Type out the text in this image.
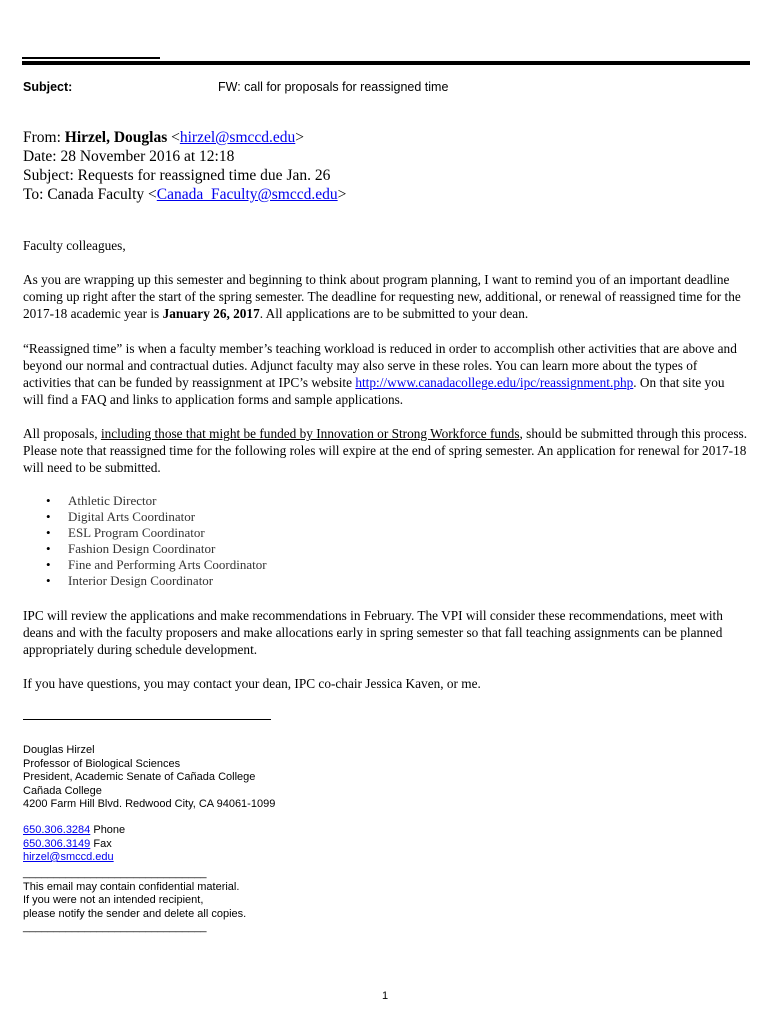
Subject:	FW: call for proposals for reassigned time
From: Hirzel, Douglas <hirzel@smccd.edu>
Date: 28 November 2016 at 12:18
Subject: Requests for reassigned time due Jan. 26
To: Canada Faculty <Canada_Faculty@smccd.edu>
Faculty colleagues,
As you are wrapping up this semester and beginning to think about program planning, I want to remind you of an important deadline coming up right after the start of the spring semester. The deadline for requesting new, additional, or renewal of reassigned time for the 2017-18 academic year is January 26, 2017. All applications are to be submitted to your dean.
“Reassigned time” is when a faculty member’s teaching workload is reduced in order to accomplish other activities that are above and beyond our normal and contractual duties. Adjunct faculty may also serve in these roles. You can learn more about the types of activities that can be funded by reassignment at IPC’s website http://www.canadacollege.edu/ipc/reassignment.php. On that site you will find a FAQ and links to application forms and sample applications.
All proposals, including those that might be funded by Innovation or Strong Workforce funds, should be submitted through this process. Please note that reassigned time for the following roles will expire at the end of spring semester. An application for renewal for 2017-18 will need to be submitted.
• Athletic Director
• Digital Arts Coordinator
• ESL Program Coordinator
• Fashion Design Coordinator
• Fine and Performing Arts Coordinator
• Interior Design Coordinator
IPC will review the applications and make recommendations in February. The VPI will consider these recommendations, meet with deans and with the faculty proposers and make allocations early in spring semester so that fall teaching assignments can be planned appropriately during schedule development.
If you have questions, you may contact your dean, IPC co-chair Jessica Kaven, or me.
Douglas Hirzel
Professor of Biological Sciences
President, Academic Senate of Cañada College
Cañada College
4200 Farm Hill Blvd. Redwood City, CA 94061-1099
650.306.3284 Phone
650.306.3149 Fax
hirzel@smccd.edu
______________________________
This email may contain confidential material.
If you were not an intended recipient,
please notify the sender and delete all copies.
______________________________
1
